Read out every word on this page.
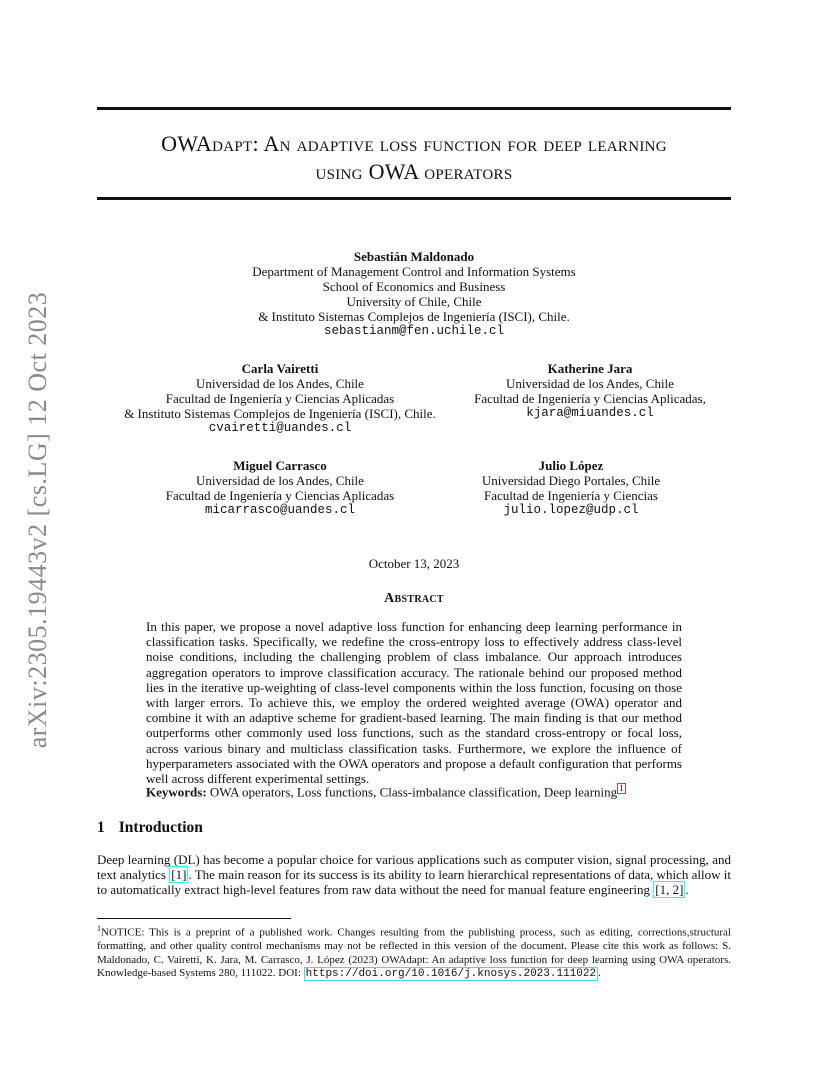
arXiv:2305.19443v2 [cs.LG] 12 Oct 2023
OWAdapt: An adaptive loss function for deep learning
using OWA operators
Sebastián Maldonado
Department of Management Control and Information Systems
School of Economics and Business
University of Chile, Chile
& Instituto Sistemas Complejos de Ingeniería (ISCI), Chile.
sebastianm@fen.uchile.cl
Carla Vairetti
Universidad de los Andes, Chile
Facultad de Ingeniería y Ciencias Aplicadas
& Instituto Sistemas Complejos de Ingeniería (ISCI), Chile.
cvairetti@uandes.cl
Katherine Jara
Universidad de los Andes, Chile
Facultad de Ingeniería y Ciencias Aplicadas,
kjara@miuandes.cl
Miguel Carrasco
Universidad de los Andes, Chile
Facultad de Ingeniería y Ciencias Aplicadas
micarrasco@uandes.cl
Julio López
Universidad Diego Portales, Chile
Facultad de Ingeniería y Ciencias
julio.lopez@udp.cl
October 13, 2023
Abstract
In this paper, we propose a novel adaptive loss function for enhancing deep learning performance in classification tasks. Specifically, we redefine the cross-entropy loss to effectively address class-level noise conditions, including the challenging problem of class imbalance. Our approach introduces aggregation operators to improve classification accuracy. The rationale behind our proposed method lies in the iterative up-weighting of class-level components within the loss function, focusing on those with larger errors. To achieve this, we employ the ordered weighted average (OWA) operator and combine it with an adaptive scheme for gradient-based learning. The main finding is that our method outperforms other commonly used loss functions, such as the standard cross-entropy or focal loss, across various binary and multiclass classification tasks. Furthermore, we explore the influence of hyperparameters associated with the OWA operators and propose a default configuration that performs well across different experimental settings.
Keywords: OWA operators, Loss functions, Class-imbalance classification, Deep learning 1
1 Introduction
Deep learning (DL) has become a popular choice for various applications such as computer vision, signal processing, and text analytics [1] . The main reason for its success is its ability to learn hierarchical representations of data, which allow it to automatically extract high-level features from raw data without the need for manual feature engineering [1, 2] .
$^1$NOTICE: This is a preprint of a published work. Changes resulting from the publishing process, such as editing, corrections,structural formatting, and other quality control mechanisms may not be reflected in this version of the document. Please cite this work as follows: S. Maldonado, C. Vairetti, K. Jara, M. Carrasco, J. López (2023) OWAdapt: An adaptive loss function for deep learning using OWA operators. Knowledge-based Systems 280, 111022. DOI: https://doi.org/10.1016/j.knosys.2023.111022 .
